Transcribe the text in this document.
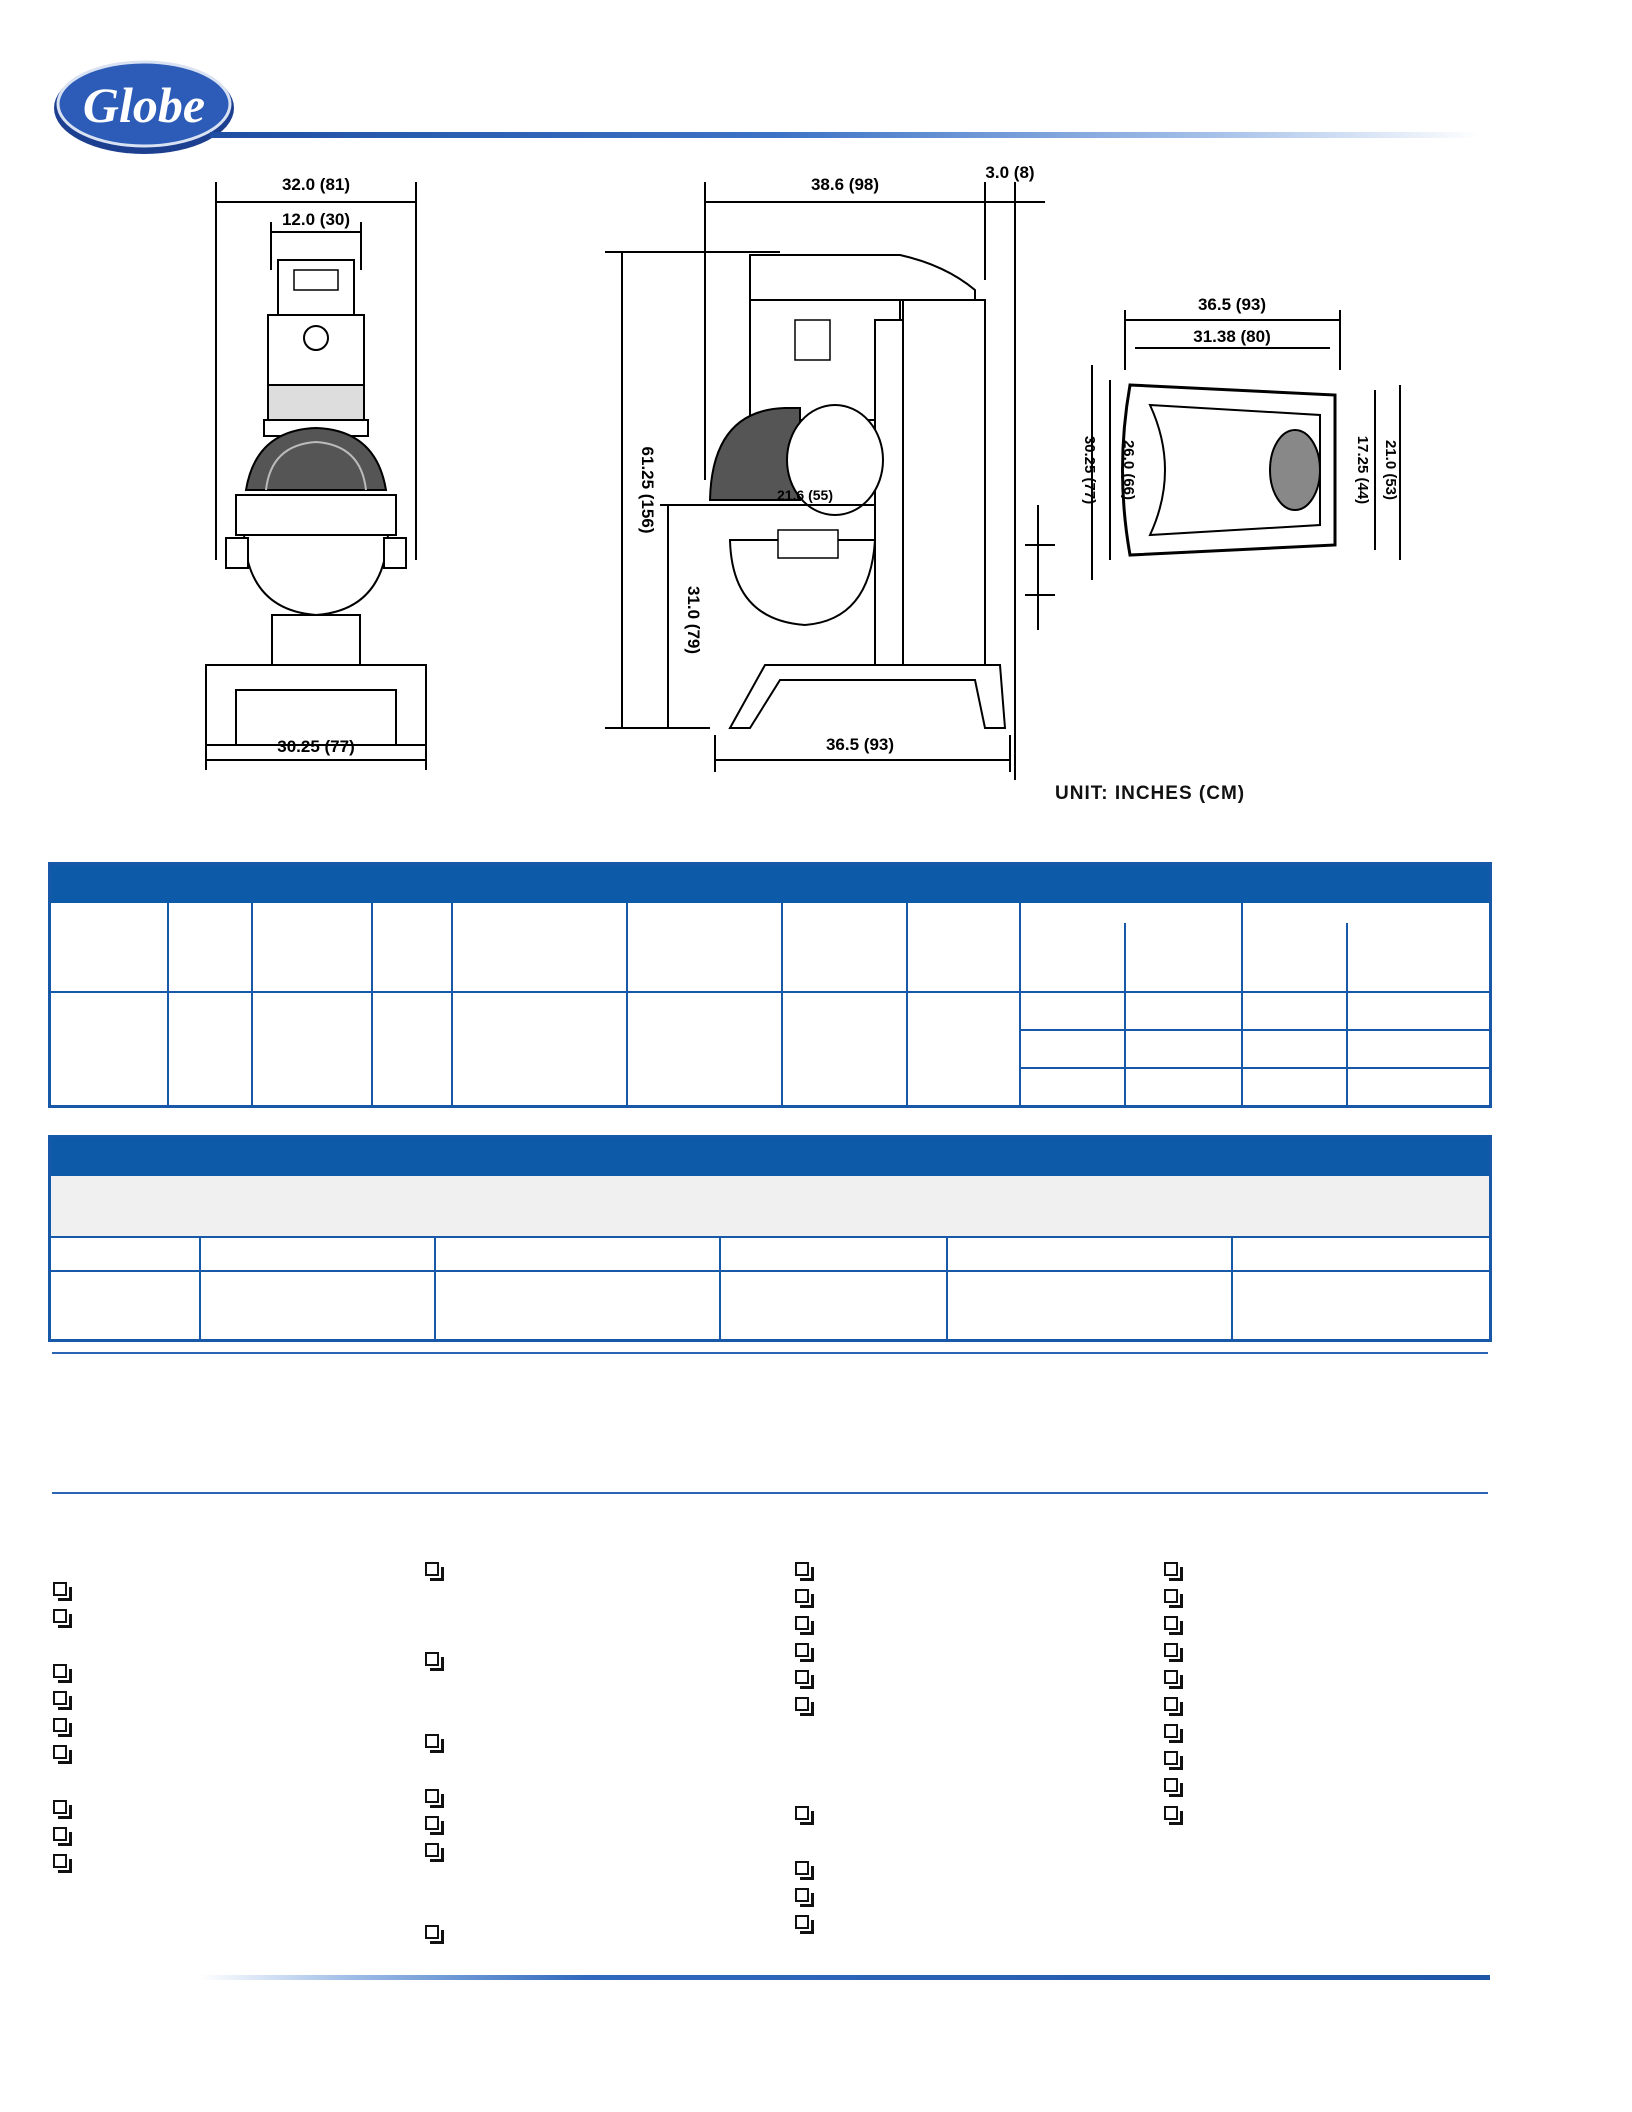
Globe
32.0 (81)
12.0 (30)
30.25 (77)
38.6 (98)
3.0 (8)
61.25 (156)
31.0 (79)
21.6 (55)
36.5 (93)
36.5 (93)
31.38 (80)
30.25 (77) 26.0 (66)	17.25 (44) 21.0 (53)
UNIT: INCHES (CM)
